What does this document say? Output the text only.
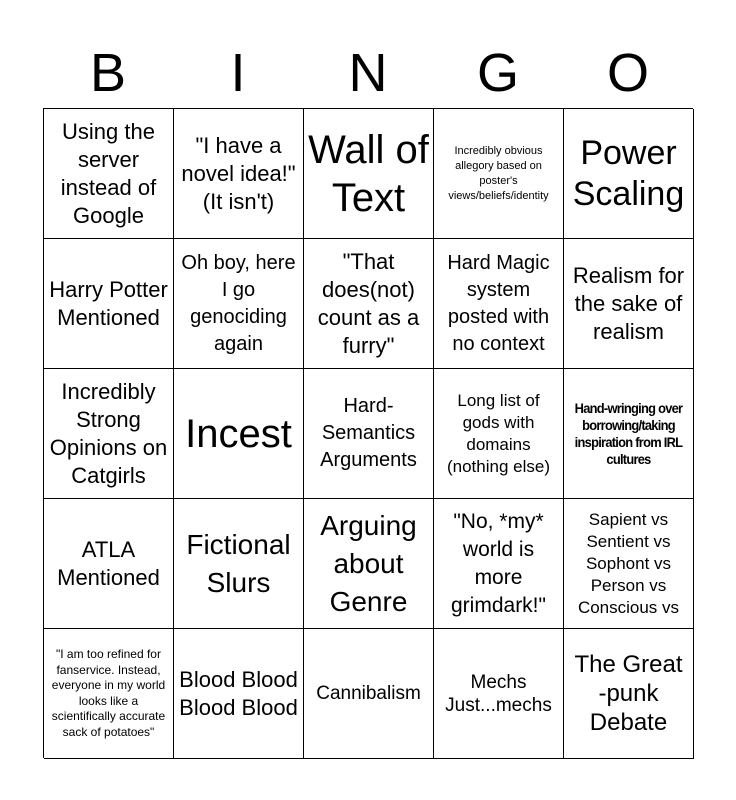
B	I	N	G	O
Using the server instead of Google
"I have a novel idea!" (It isn't)
Wall of Text
Incredibly obvious allegory based on poster's views/beliefs/identity
Power Scaling
Harry Potter Mentioned
Oh boy, here I go genociding again
"That does(not) count as a furry"
Hard Magic system posted with no context
Realism for the sake of realism
Incredibly Strong Opinions on Catgirls
Incest
Hard-Semantics Arguments
Long list of gods with domains (nothing else)
Hand-wringing over borrowing/taking inspiration from IRL cultures
ATLA Mentioned
Fictional Slurs
Arguing about Genre
"No, *my* world is more grimdark!"
Sapient vs Sentient vs Sophont vs Person vs Conscious vs
"I am too refined for fanservice. Instead, everyone in my world looks like a scientifically accurate sack of potatoes"
Blood Blood Blood Blood
Cannibalism
Mechs Just...mechs
The Great -punk Debate
